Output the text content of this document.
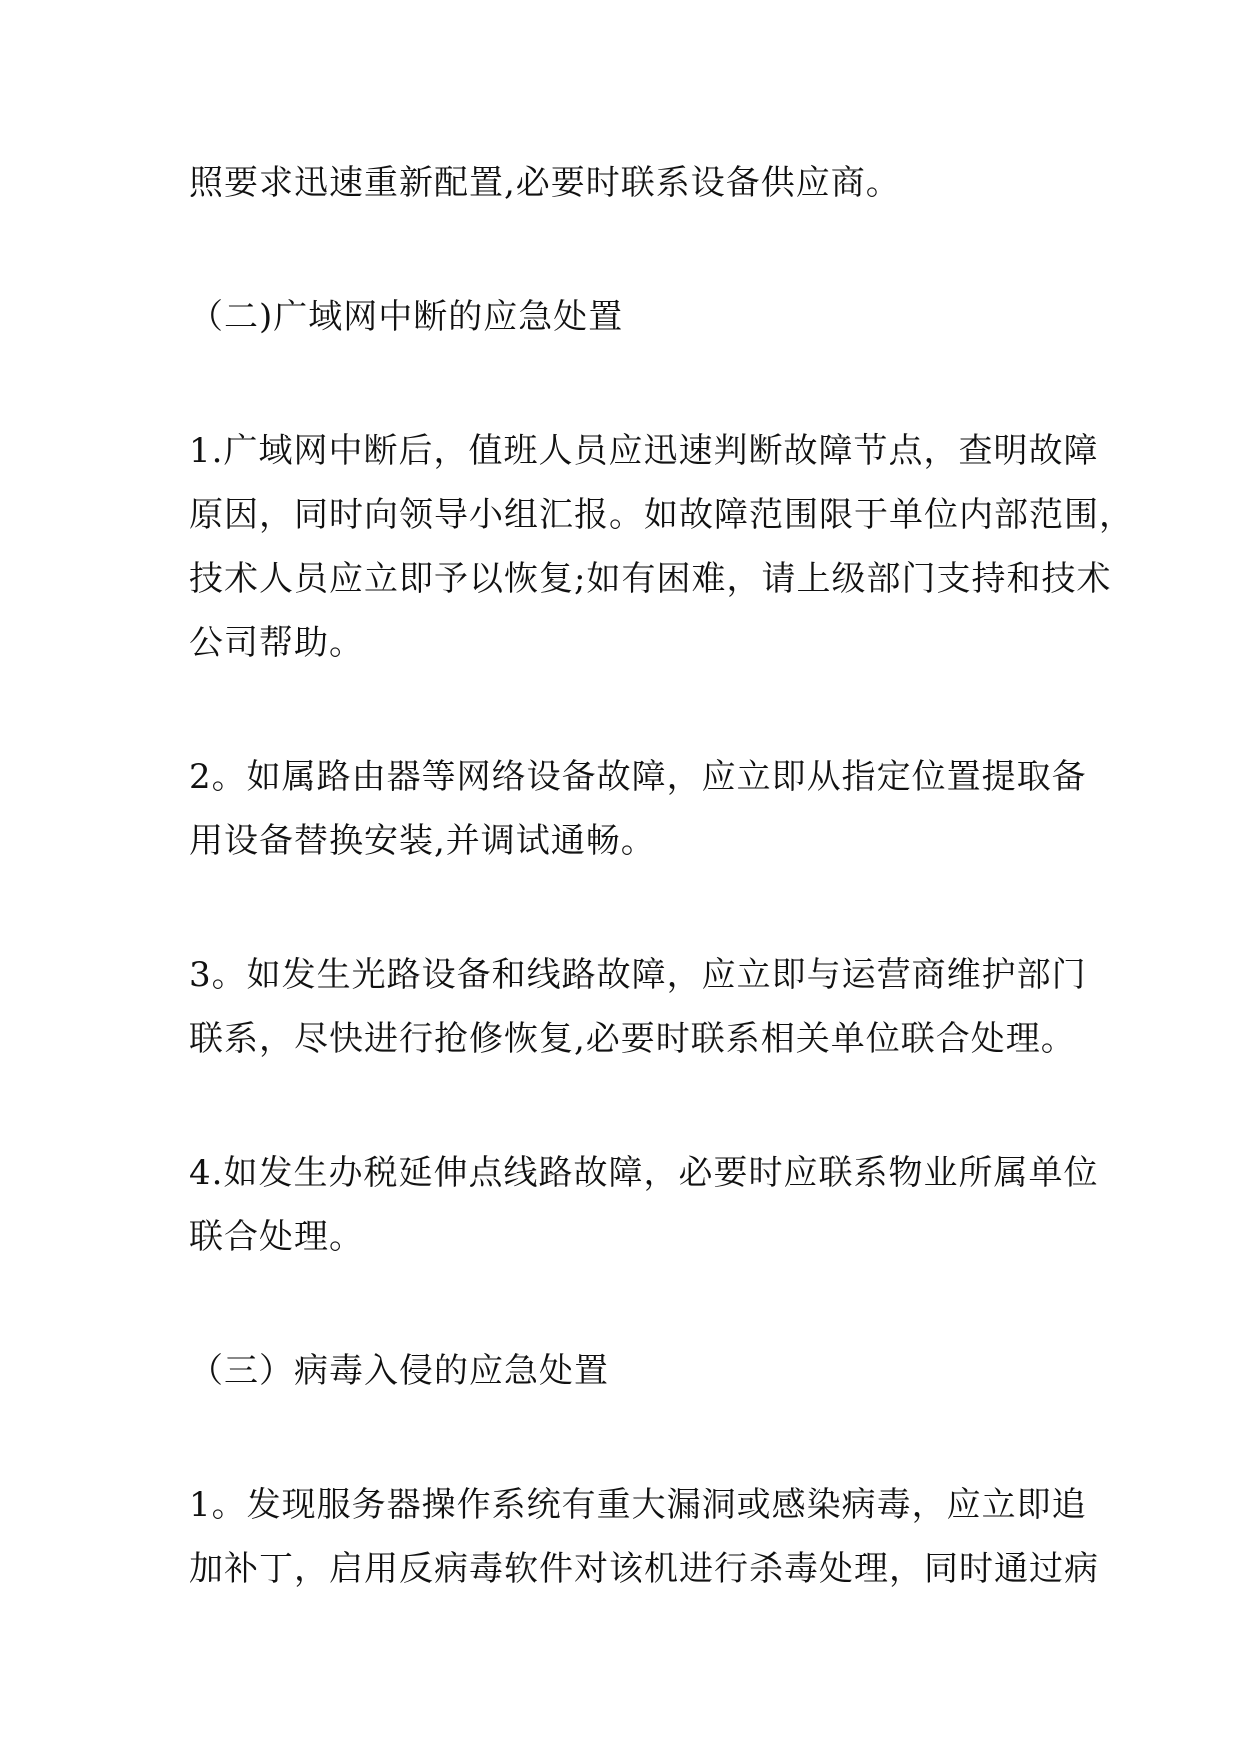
照要求迅速重新配置,必要时联系设备供应商。
（二)广域网中断的应急处置
1.广域网中断后，值班人员应迅速判断故障节点，查明故障
原因，同时向领导小组汇报。如故障范围限于单位内部范围，
技术人员应立即予以恢复;如有困难，请上级部门支持和技术
公司帮助。
2。如属路由器等网络设备故障，应立即从指定位置提取备
用设备替换安装,并调试通畅。
3。如发生光路设备和线路故障，应立即与运营商维护部门
联系，尽快进行抢修恢复,必要时联系相关单位联合处理。
4.如发生办税延伸点线路故障，必要时应联系物业所属单位
联合处理。
（三）病毒入侵的应急处置
1。发现服务器操作系统有重大漏洞或感染病毒，应立即追
加补丁，启用反病毒软件对该机进行杀毒处理，同时通过病
